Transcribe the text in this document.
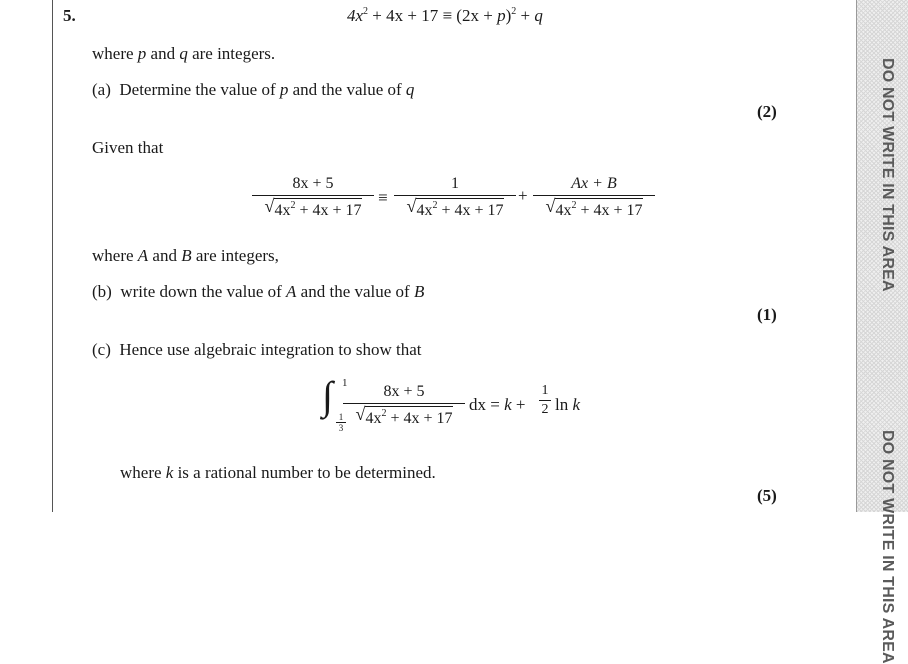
DO NOT WRITE IN THIS AREA
DO NOT WRITE IN THIS AREA
5.	$4x^2 + 4x + 17 \equiv (2x + p)^2 + q$
where p and q are integers.
(a) Determine the value of p and the value of q
(2)
Given that
8x + 5
√ $4x^2 + 4x + 17$
≡
1
√ $4x^2 + 4x + 17$
+
Ax + B
√ $4x^2 + 4x + 17$
where A and B are integers,
(b) write down the value of A and the value of B
(1)
(c) Hence use algebraic integration to show that
∫ 1
1
3
8x + 5
√ $4x^2 + 4x + 17$
dx = k +
1
2 ln k
where k is a rational number to be determined.
(5)
